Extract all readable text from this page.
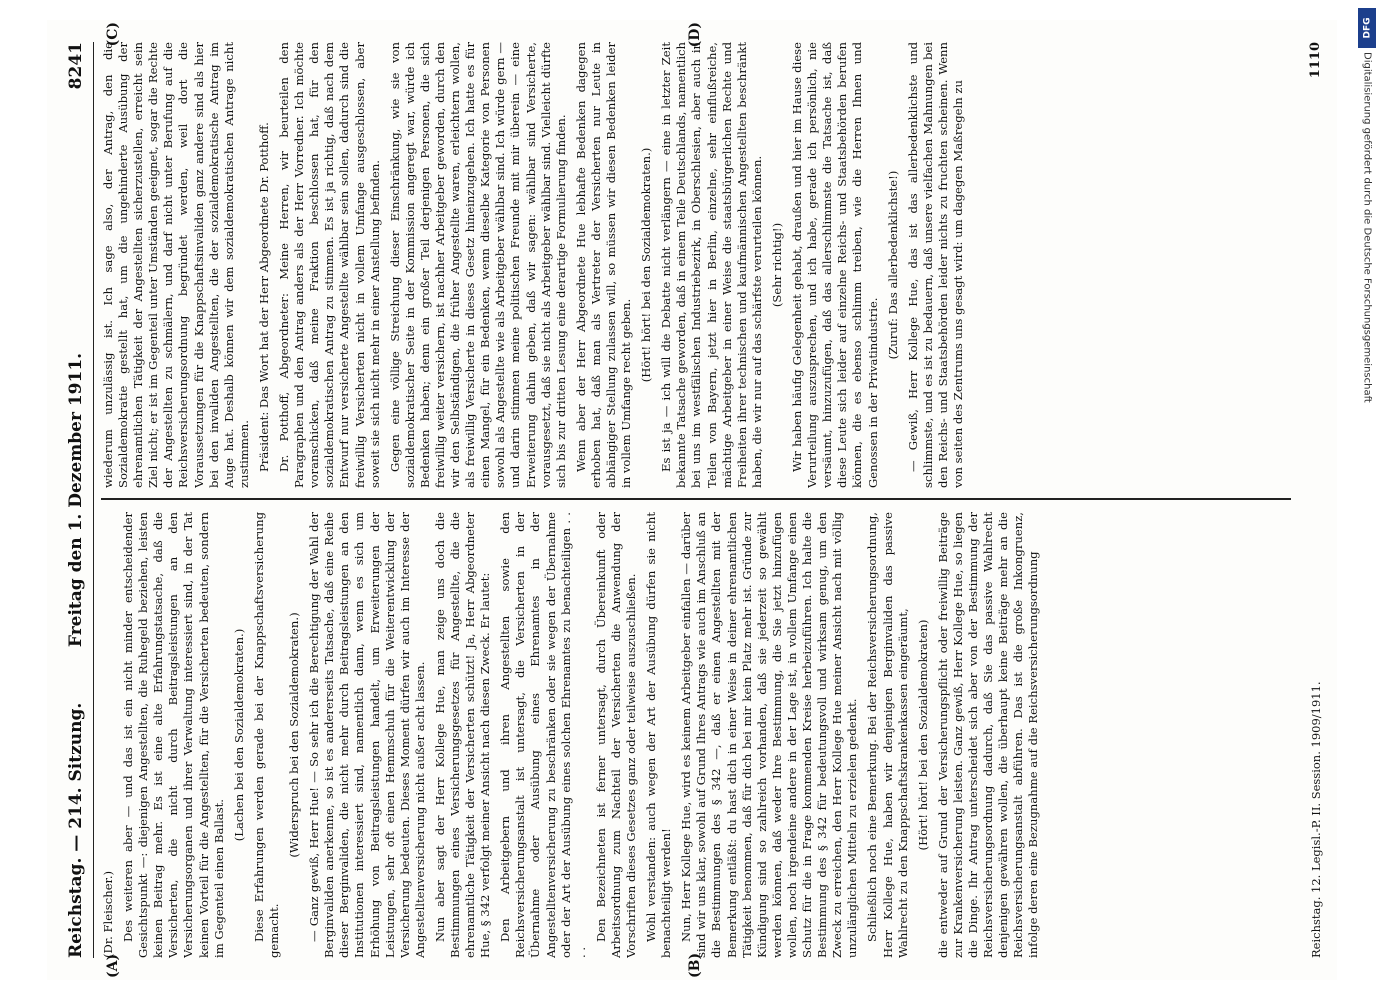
Reichstag. — 214. Sitzung.
Freitag den 1. Dezember 1911.
8241
(A)	(B)
(C)	(D)

(Dr. Fleischer.) Des weiteren aber — und das ist ein nicht minder entscheidender Gesichtspunkt —: diejenigen Angestellten, die Ruhegeld beziehen, leisten keinen Beitrag mehr. Es ist eine alte Erfahrungstatsache, daß die Versicherten, die nicht durch Beitragsleistungen an den Versicherungsorganen und ihrer Verwaltung interessiert sind, in der Tat keinen Vorteil für die Angestellten, für die Versicherten bedeuten, sondern im Gegenteil einen Ballast.

(Lachen bei den Sozialdemokraten.) Diese Erfahrungen werden gerade bei der Knappschaftsversicherung gemacht.

(Widerspruch bei den Sozialdemokraten.) — Ganz gewiß, Herr Hue! — So sehr ich die Berechtigung der Wahl der Berginvaliden anerkenne, so ist es andererseits Tatsache, daß eine Reihe dieser Berginvaliden, die nicht mehr durch Beitragsleistungen an den Institutionen interessiert sind, namentlich dann, wenn es sich um Erhöhung von Beitragsleistungen handelt, um Erweiterungen der Leistungen, sehr oft einen Hemmschuh für die Weiterentwicklung der Versicherung bedeuten. Dieses Moment dürfen wir auch im Interesse der Angestelltenversicherung nicht außer acht lassen. Nun aber sagt der Herr Kollege Hue, man zeige uns doch die Bestimmungen eines Versicherungsgesetzes für Angestellte, die die ehrenamtliche Tätigkeit der Versicherten schützt! Ja, Herr Abgeordneter Hue, § 342 verfolgt meiner Ansicht nach diesen Zweck. Er lautet: Den Arbeitgebern und ihren Angestellten sowie den Reichsversicherungsanstalt ist untersagt, die Versicherten in der Übernahme oder Ausübung eines Ehrenamtes in der Angestelltenversicherung zu beschränken oder sie wegen der Übernahme oder der Art der Ausübung eines solchen Ehrenamtes zu benachteiligen . . . .

Den Bezeichneten ist ferner untersagt, durch Übereinkunft oder Arbeitsordnung zum Nachteil der Versicherten die Anwendung der Vorschriften dieses Gesetzes ganz oder teilweise auszuschließen. Wohl verstanden: auch wegen der Art der Ausübung dürfen sie nicht benachteiligt werden! Nun, Herr Kollege Hue, wird es keinem Arbeitgeber einfallen — darüber sind wir uns klar, sowohl auf Grund Ihres Antrags wie auch im Anschluß an die Bestimmungen des § 342 —, daß er einen Angestellten mit der Bemerkung entläßt: du hast dich in einer Weise in deiner ehrenamtlichen Tätigkeit benommen, daß für dich bei mir kein Platz mehr ist. Gründe zur Kündigung sind so zahlreich vorhanden, daß sie jederzeit so gewählt werden können, daß weder Ihre Bestimmung, die Sie jetzt hinzufügen wollen, noch irgendeine andere in der Lage ist, in vollem Umfange einen Schutz für die in Frage kommenden Kreise herbeizuführen. Ich halte die Bestimmung des § 342 für bedeutungsvoll und wirksam genug, um den Zweck zu erreichen, den Herr Kollege Hue meiner Ansicht nach mit völlig unzulänglichen Mitteln zu erzielen gedenkt. Schließlich noch eine Bemerkung. Bei der Reichsversicherungsordnung, Herr Kollege Hue, haben wir denjenigen Berginvaliden das passive Wahlrecht zu den Knappschaftskrankenkassen eingeräumt, (Hört! hört! bei den Sozialdemokraten) die entweder auf Grund der Versicherungspflicht oder freiwillig Beiträge zur Krankenversicherung leisten. Ganz gewiß, Herr Kollege Hue, so liegen die Dinge. Ihr Antrag unterscheidet sich aber von der Bestimmung der Reichsversicherungsordnung dadurch, daß Sie das passive Wahlrecht denjenigen gewähren wollen, die überhaupt keine Beiträge mehr an die Reichsversicherungsanstalt abführen. Das ist die große Inkongruenz, infolge deren eine Bezugnahme auf die Reichsversicherungsordnung

wiederum unzulässig ist. Ich sage also, der Antrag, den die Sozialdemokratie gestellt hat, um die ungehinderte Ausübung der ehrenamtlichen Tätigkeit der Angestellten sicherzustellen, erreicht sein Ziel nicht; er ist im Gegenteil unter Umständen geeignet, sogar die Rechte der Angestellten zu schmälern, und darf nicht unter Berufung auf die Reichsversicherungsordnung begründet werden, weil dort die Voraussetzungen für die Knappschaftsinvaliden ganz andere sind als hier bei den invaliden Angestellten, die der sozialdemokratische Antrag im Auge hat. Deshalb können wir dem sozialdemokratischen Antrage nicht zustimmen. Präsident: Das Wort hat der Herr Abgeordnete Dr. Potthoff. Dr. Potthoff, Abgeordneter: Meine Herren, wir beurteilen den Paragraphen und den Antrag anders als der Herr Vorredner. Ich möchte voranschicken, daß meine Fraktion beschlossen hat, für den sozialdemokratischen Antrag zu stimmen. Es ist ja richtig, daß nach dem Entwurf nur versicherte Angestellte wählbar sein sollen, dadurch sind die freiwillig Versicherten nicht in vollem Umfange ausgeschlossen, aber soweit sie sich nicht mehr in einer Anstellung befinden. Gegen eine völlige Streichung dieser Einschränkung, wie sie von sozialdemokratischer Seite in der Kommission angeregt war, würde ich Bedenken haben; denn ein großer Teil derjenigen Personen, die sich freiwillig weiter versichern, ist nachher Arbeitgeber geworden, durch den wir den Selbständigen, die früher Angestellte waren, erleichtern wollen, als freiwillig Versicherte in dieses Gesetz hineinzugehen. Ich hatte es für einen Mangel, für ein Bedenken, wenn dieselbe Kategorie von Personen sowohl als Angestellte wie als Arbeitgeber wählbar sind. Ich würde gern — und darin stimmen meine politischen Freunde mit mir überein — eine Erweiterung dahin geben, daß wir sagen: wählbar sind Versicherte, vorausgesetzt, daß sie nicht als Arbeitgeber wählbar sind. Vielleicht dürfte sich bis zur dritten Lesung eine derartige Formulierung finden. Wenn aber der Herr Abgeordnete Hue lebhafte Bedenken dagegen erhoben hat, daß man als Vertreter der Versicherten nur Leute in abhängiger Stellung zulassen will, so müssen wir diesen Bedenken leider in vollem Umfange recht geben.

(Hört! hört! bei den Sozialdemokraten.) Es ist ja — ich will die Debatte nicht verlängern — eine in letzter Zeit bekannte Tatsache geworden, daß in einem Teile Deutschlands, namentlich bei uns im westfälischen Industriebezirk, in Oberschlesien, aber auch in Teilen von Bayern, jetzt hier in Berlin, einzelne, sehr einflußreiche, mächtige Arbeitgeber in einer Weise die staatsbürgerlichen Rechte und Freiheiten ihrer technischen und kaufmännischen Angestellten beschränkt haben, die wir nur auf das schärfste verurteilen können. (Sehr richtig!) Wir haben häufig Gelegenheit gehabt, draußen und hier im Hause diese Verurteilung auszusprechen, und ich habe, gerade ich persönlich, nie versäumt, hinzuzufügen, daß das allerschlimmste die Tatsache ist, daß diese Leute sich leider auf einzelne Reichs- und Staatsbehörden berufen können, die es ebenso schlimm treiben, wie die Herren Ihnen und Genossen in der Privatindustrie.

(Zuruf: Das allerbedenklichste!) — Gewiß, Herr Kollege Hue, das ist das allerbedenklichste und schlimmste, und es ist zu bedauern, daß unsere vielfachen Mahnungen bei den Reichs- und Staatsbehörden leider nichts zu fruchten scheinen. Wenn von seiten des Zentrums uns gesagt wird: um dagegen Maßregeln zu

Reichstag. 12. Legisl.-P. II. Session. 1909/1911.
1110
DFG
Digitalisierung gefördert durch die Deutsche Forschungsgemeinschaft
